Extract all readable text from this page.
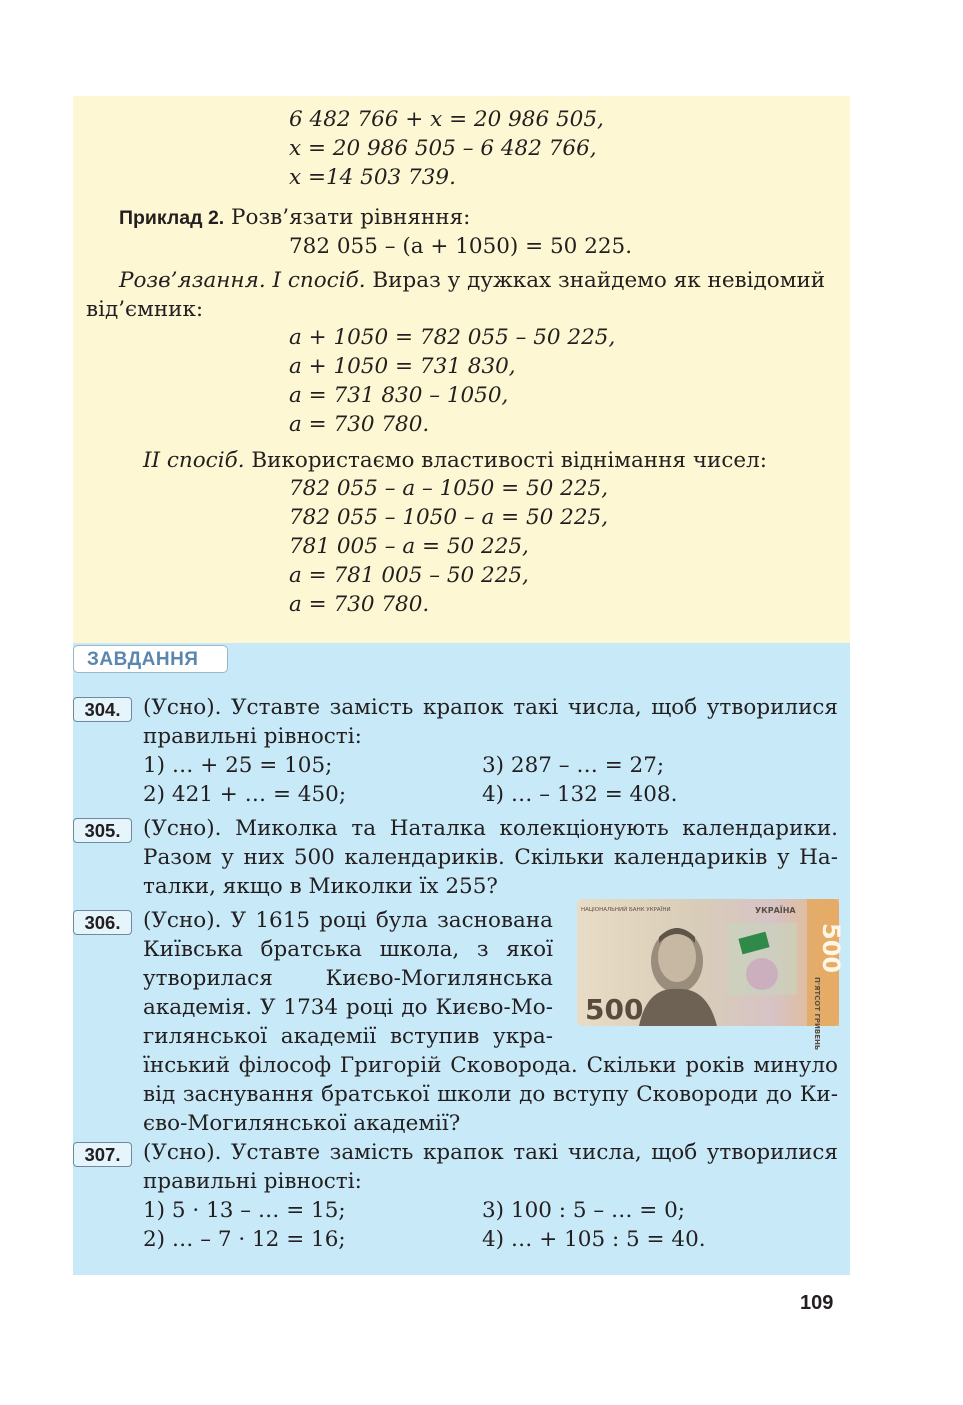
6 482 766 + x = 20 986 505,
x = 20 986 505 – 6 482 766,
x =14 503 739.
Приклад 2. Розв’язати рівняння:
782 055 – (a + 1050) = 50 225.
Розв’язання. I спосіб. Вираз у дужках знайдемо як невідомий
від’ємник:
a + 1050 = 782 055 – 50 225,
a + 1050 = 731 830,
a = 731 830 – 1050,
a = 730 780.
II спосіб. Використаємо властивості віднімання чисел:
782 055 – a – 1050 = 50 225,
782 055 – 1050 – a = 50 225,
781 005 – a = 50 225,
a = 781 005 – 50 225,
a = 730 780.
ЗАВДАННЯ
304.	(Усно). Уставте замість крапок такі числа, щоб утворилися
правильні рівності:
1) … + 25 = 105;	3) 287 – … = 27;
2) 421 + … = 450;	4) … – 132 = 408.
305.	(Усно). Миколка та Наталка колекціонують календарики.
Разом у них 500 календариків. Скільки календариків у На-
талки, якщо в Миколки їх 255?
306.	(Усно). У 1615 році була заснована
Київська братська школа, з якої
утворилася Києво-Могилянська
академія. У 1734 році до Києво-Мо-
гилянської академії вступив укра-
їнський філософ Григорій Сковорода. Скільки років минуло
від заснування братської школи до вступу Сковороди до Ки-
єво-Могилянської академії?
НАЦІОНАЛЬНИЙ БАНК УКРАЇНИ	УКРАЇНА
500
500
П'ЯТСОТ ГРИВЕНЬ
307.	(Усно). Уставте замість крапок такі числа, щоб утворилися
правильні рівності:
1) 5 · 13 – … = 15;	3) 100 : 5 – … = 0;
2) … – 7 · 12 = 16;	4) … + 105 : 5 = 40.
109
